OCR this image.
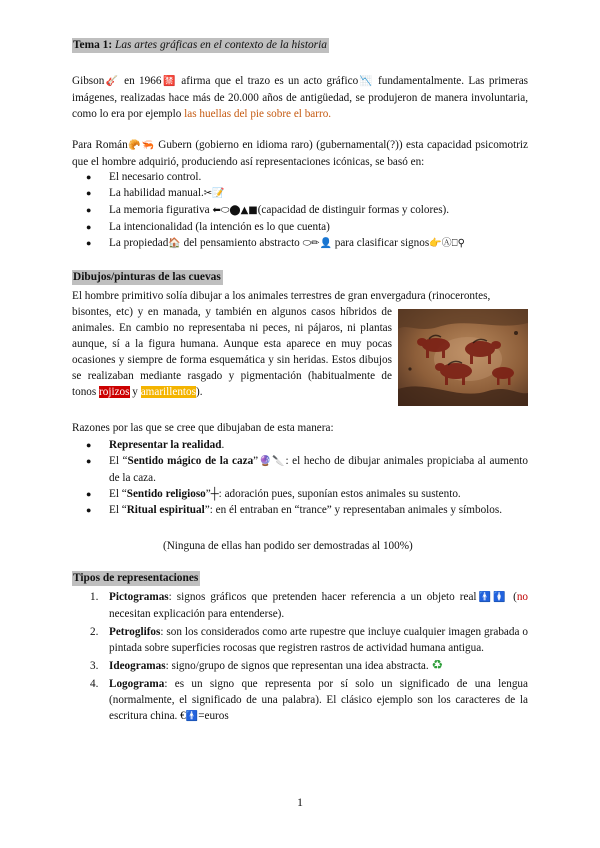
Tema 1: Las artes gráficas en el contexto de la historia
Gibson🎸 en 1966🈲 afirma que el trazo es un acto gráfico📉 fundamentalmente. Las primeras imágenes, realizadas hace más de 20.000 años de antigüedad, se produjeron de manera involuntaria, como lo era por ejemplo las huellas del pie sobre el barro.
Para Román🥐🦐 Gubern (gobierno en idioma raro) (gubernamental(?)) esta capacidad psicomotriz que el hombre adquirió, produciendo así representaciones icónicas, se basó en:
● El necesario control.
● La habilidad manual.✂📝
● La memoria figurativa ⬅⬭⬤▲■(capacidad de distinguir formas y colores).
● La intencionalidad (la intención es lo que cuenta)
● La propiedad🏠 del pensamiento abstracto ⬭✏👤 para clasificar signos👉Ⓐ⎕⚲
Dibujos/pinturas de las cuevas
El hombre primitivo solía dibujar a los animales terrestres de gran envergadura (rinocerontes,
bisontes, etc) y en manada, y también en algunos casos híbridos de animales. En cambio no representaba ni peces, ni pájaros, ni plantas aunque, sí a la figura humana. Aunque esta aparece en muy pocas ocasiones y siempre de forma esquemática y sin heridas. Estos dibujos se realizaban mediante rasgado y pigmentación (habitualmente de tonos rojizos y amarillentos).
Razones por las que se cree que dibujaban de esta manera:
● Representar la realidad.
● El “Sentido mágico de la caza”🔮🔪: el hecho de dibujar animales propiciaba al aumento de la caza.
● El “Sentido religioso”┼: adoración pues, suponían estos animales su sustento.
● El “Ritual espiritual”: en él entraban en “trance” y representaban animales y símbolos.
(Ninguna de ellas han podido ser demostradas al 100%)
Tipos de representaciones
1. Pictogramas: signos gráficos que pretenden hacer referencia a un objeto real🚹🚺 (no necesitan explicación para entenderse).
2. Petroglifos: son los considerados como arte rupestre que incluye cualquier imagen grabada o pintada sobre superficies rocosas que registren rastros de actividad humana antigua.
3. Ideogramas: signo/grupo de signos que representan una idea abstracta. ♻
4. Logograma: es un signo que representa por sí solo un significado de una lengua (normalmente, el significado de una palabra). El clásico ejemplo son los caracteres de la escritura china. €🚹=euros
1
